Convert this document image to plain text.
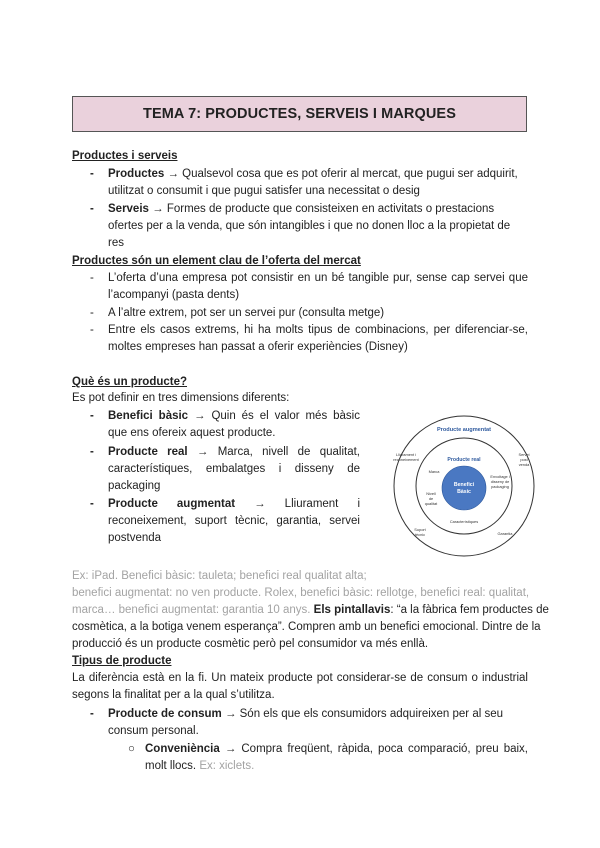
TEMA 7: PRODUCTES, SERVEIS I MARQUES
Productes i serveis
- Productes → Qualsevol cosa que es pot oferir al mercat, que pugui ser adquirit, utilitzat o consumit i que pugui satisfer una necessitat o desig
- Serveis → Formes de producte que consisteixen en activitats o prestacions ofertes per a la venda, que són intangibles i que no donen lloc a la propietat de res
Productes són un element clau de l’oferta del mercat
- L’oferta d’una empresa pot consistir en un bé tangible pur, sense cap servei que l’acompanyi (pasta dents)
- A l’altre extrem, pot ser un servei pur (consulta metge)
- Entre els casos extrems, hi ha molts tipus de combinacions, per diferenciar-se, moltes empreses han passat a oferir experiències (Disney)
Què és un producte?
Es pot definir en tres dimensions diferents:
- Benefici bàsic → Quin és el valor més bàsic que ens ofereix aquest producte.
- Producte real → Marca, nivell de qualitat, característiques, embalatges i disseny de packaging
- Producte augmentat → Lliurament i reconeixement, suport tècnic, garantia, servei postvenda
Producte augmentat
Producte real
Benefici
Bàsic
Lliurament i
reconeixement
Servei
post
venda
Marca
Envoltage i
disseny de
packaging
Nivell
de
qualitat
Característiques
Suport
tècnic	Garantia
Ex: iPad. Benefici bàsic: tauleta; benefici real qualitat alta;
benefici augmentat: no ven producte. Rolex, benefici bàsic: rellotge, benefici real: qualitat,
marca… benefici augmentat: garantia 10 anys. Els pintallavis: “a la fàbrica fem productes de
cosmètica, a la botiga venem esperança”. Compren amb un benefici emocional. Dintre de la
producció és un producte cosmètic però pel consumidor va més enllà.
Tipus de producte
La diferència està en la fi. Un mateix producte pot considerar-se de consum o industrial segons la finalitat per a la qual s’utilitza.
- Producte de consum → Són els que els consumidors adquireixen per al seu consum personal.
○ Conveniència → Compra freqüent, ràpida, poca comparació, preu baix, molt llocs. Ex: xiclets.
